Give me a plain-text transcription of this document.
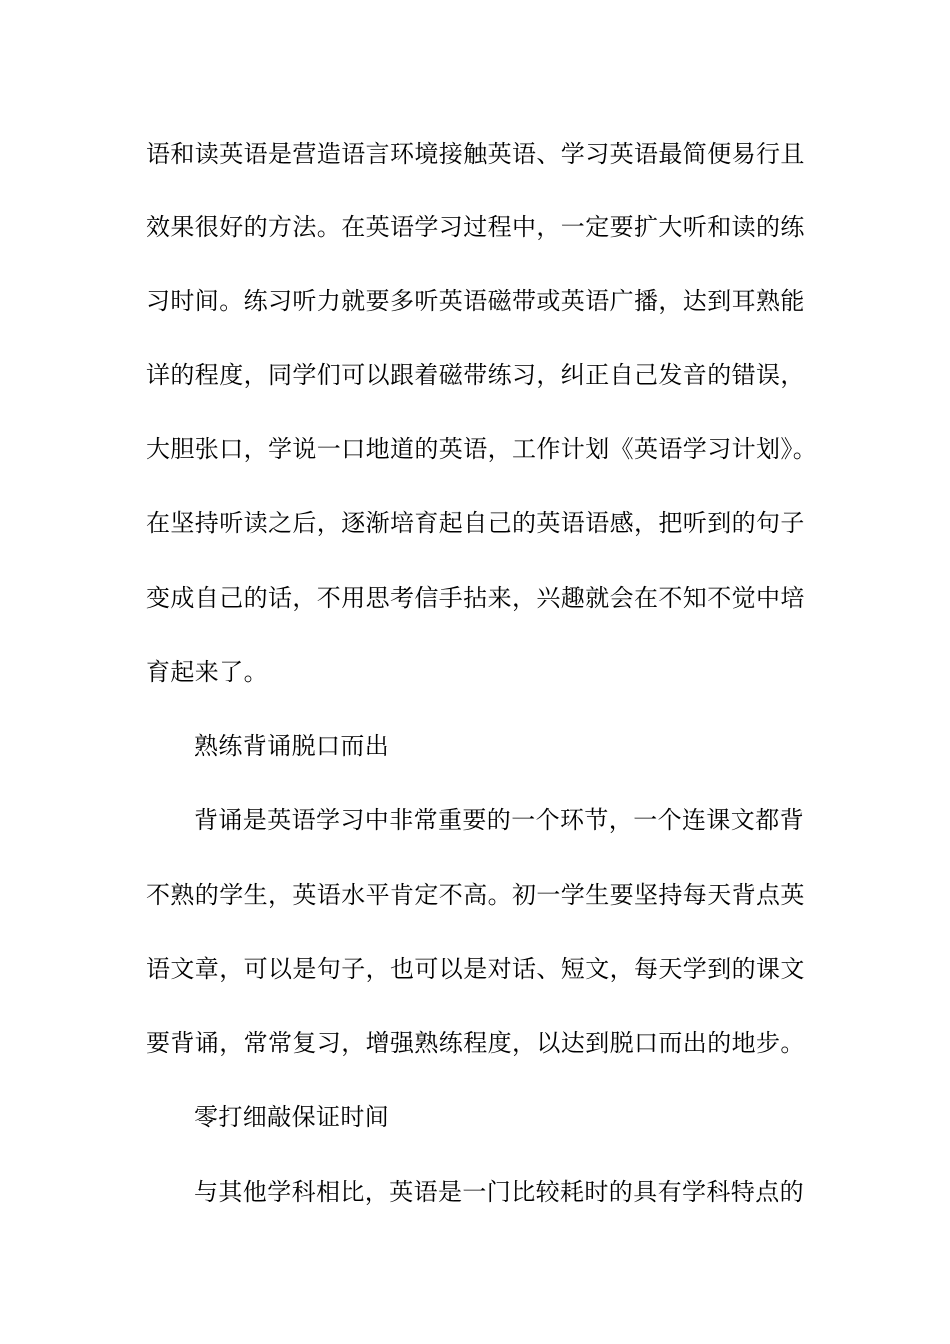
语和读英语是营造语言环境接触英语、学习英语最简便易行且
效果很好的方法。在英语学习过程中，一定要扩大听和读的练
习时间。练习听力就要多听英语磁带或英语广播，达到耳熟能
详的程度，同学们可以跟着磁带练习，纠正自己发音的错误，
大胆张口，学说一口地道的英语，工作计划《英语学习计划》。
在坚持听读之后，逐渐培育起自己的英语语感，把听到的句子
变成自己的话，不用思考信手拈来，兴趣就会在不知不觉中培
育起来了。
熟练背诵脱口而出
背诵是英语学习中非常重要的一个环节，一个连课文都背
不熟的学生，英语水平肯定不高。初一学生要坚持每天背点英
语文章，可以是句子，也可以是对话、短文，每天学到的课文
要背诵，常常复习，增强熟练程度，以达到脱口而出的地步。
零打细敲保证时间
与其他学科相比，英语是一门比较耗时的具有学科特点的
